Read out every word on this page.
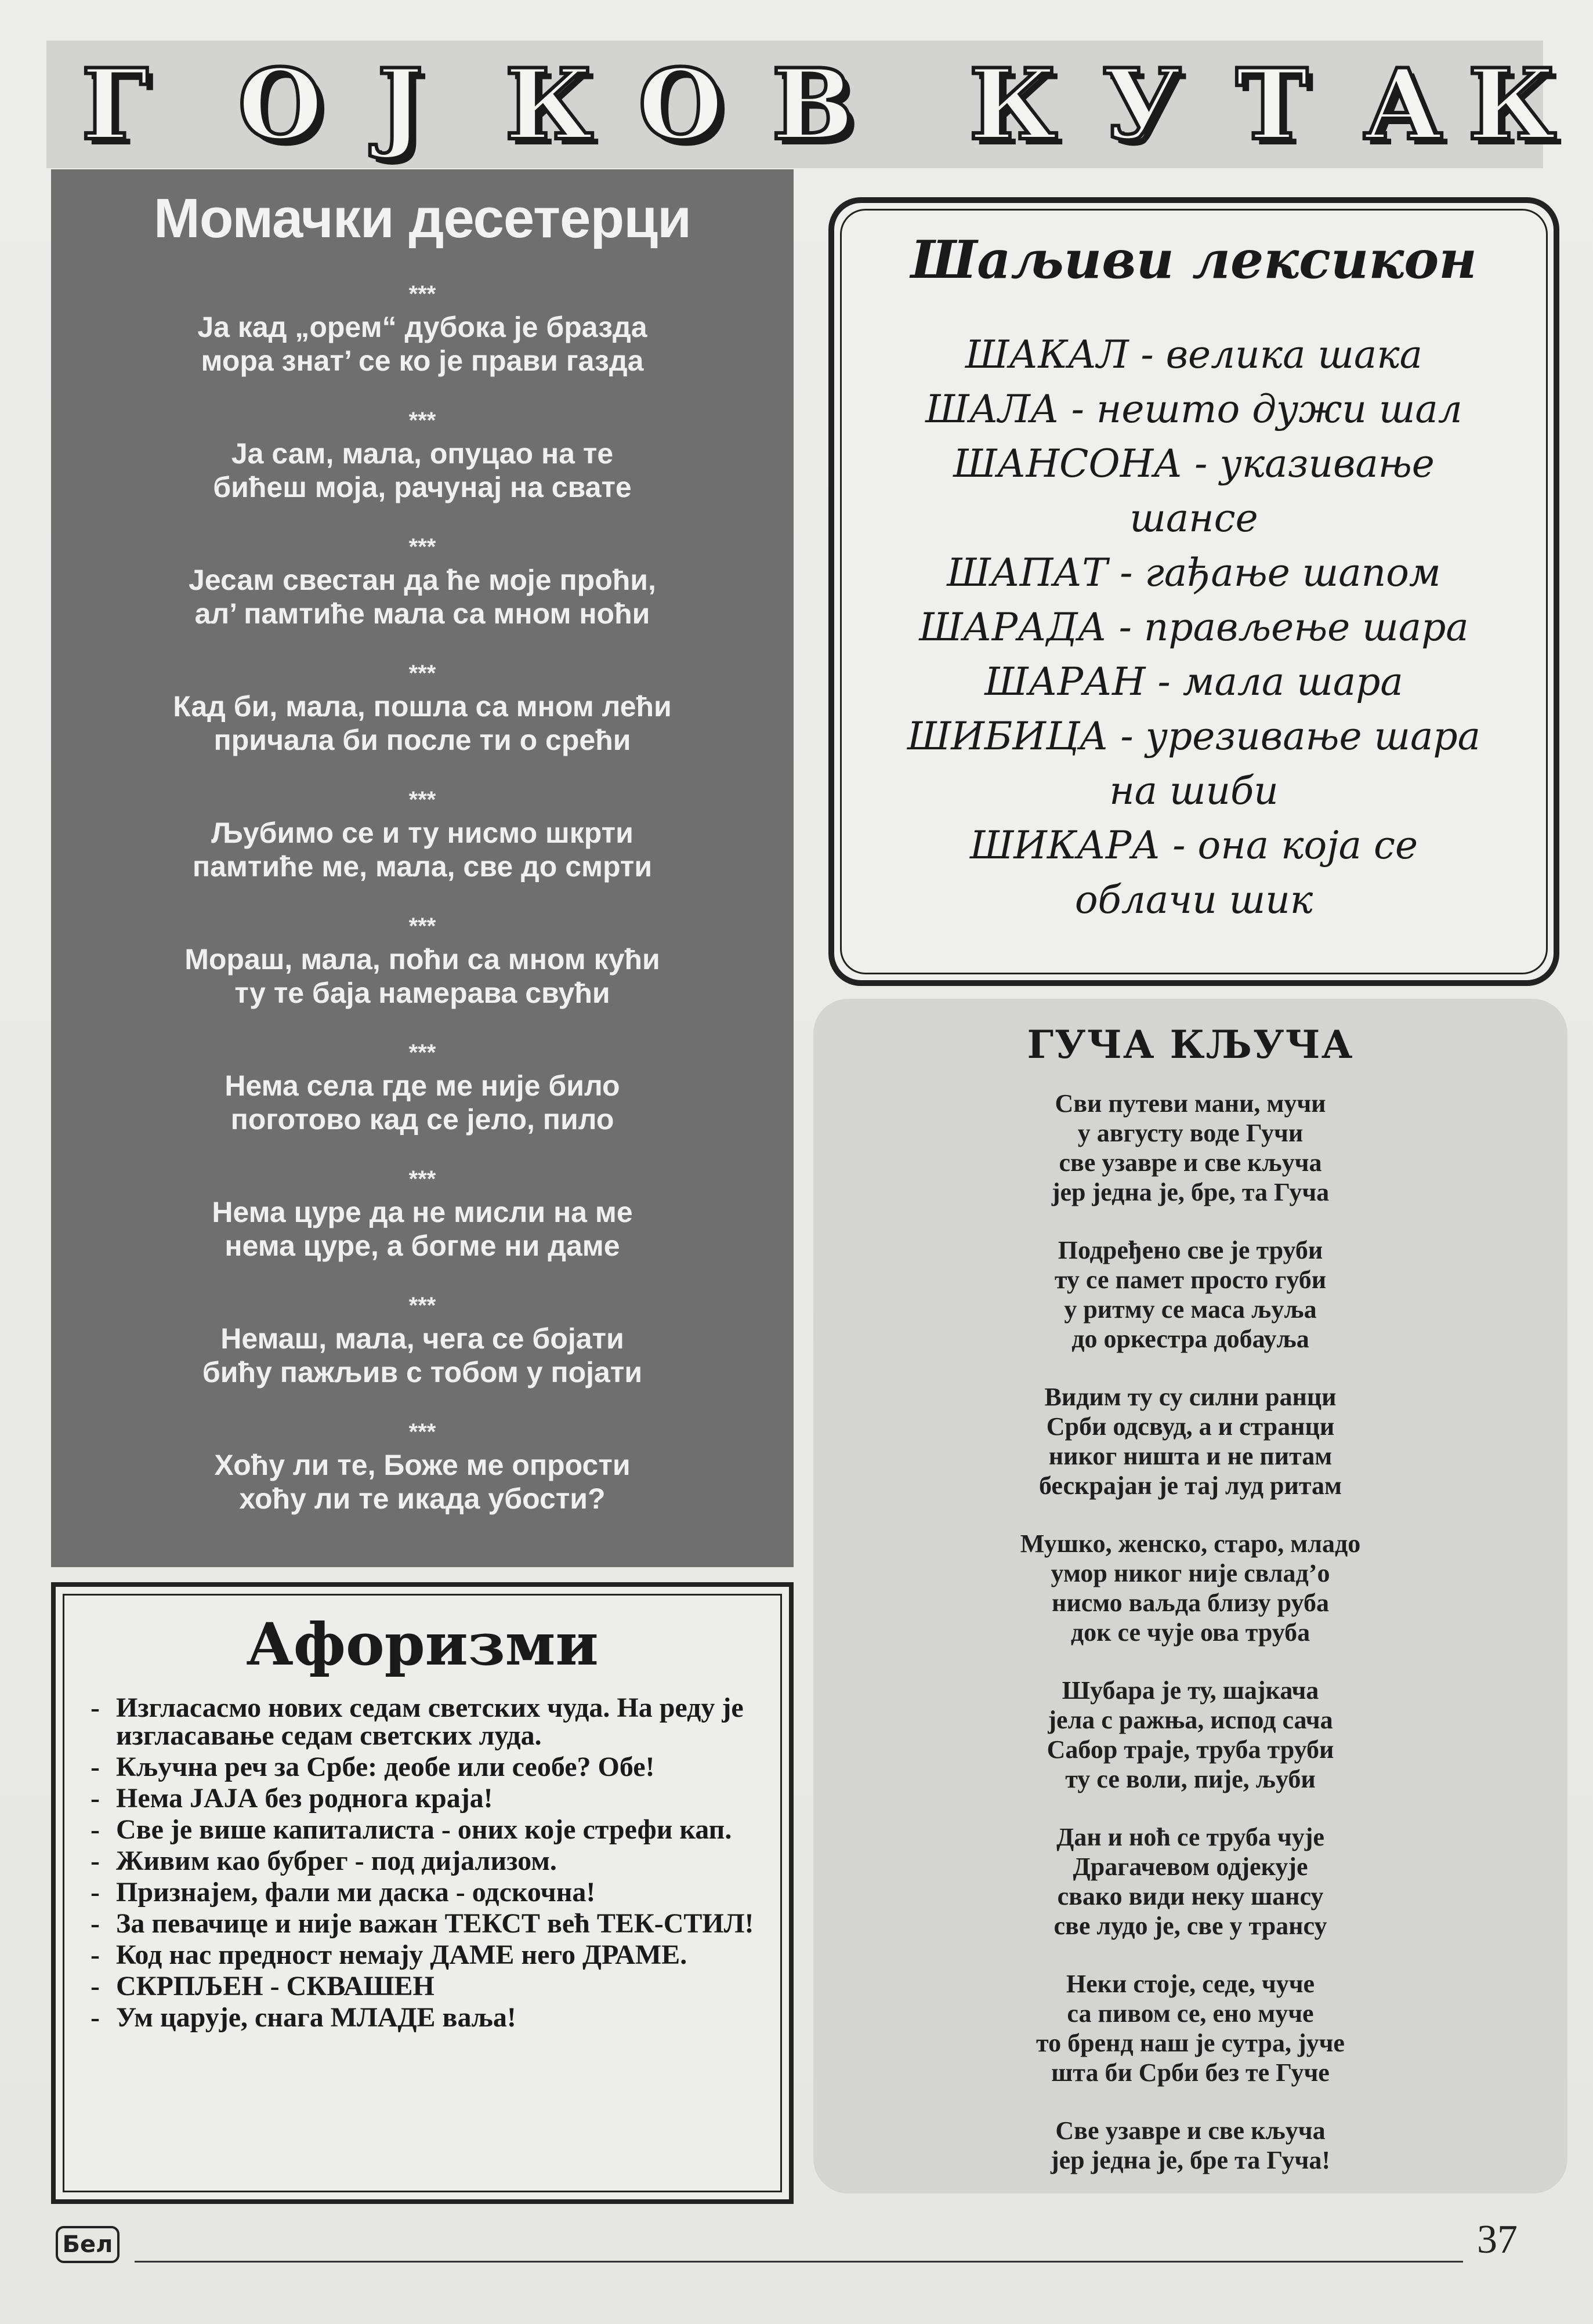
Г О Ј К О В К У Т А К
Момачки десетерци
***
Ја кад „орем“ дубока је бразда
мора знат’ се ко је прави газда
***
Ја сам, мала, опуцао на те
бићеш моја, рачунај на свате
***
Јесам свестан да ће моје проћи,
ал’ памтиће мала са мном ноћи
***
Кад би, мала, пошла са мном лећи
причала би после ти о срећи
***
Љубимо се и ту нисмо шкрти
памтиће ме, мала, све до смрти
***
Мораш, мала, поћи са мном кући
ту те баја намерава свући
***
Нема села где ме није било
поготово кад се јело, пило
***
Нема цуре да не мисли на ме
нема цуре, а богме ни даме
***
Немаш, мала, чега се бојати
бићу пажљив с тобом у појати
***
Хоћу ли те, Боже ме опрости
хоћу ли те икада убости?
Шаљиви лексикон
ШАКАЛ - велика шака
ШАЛА - нешто дужи шал
ШАНСОНА - указивање
шансе
ШАПАТ - гађање шапом
ШАРАДА - прављење шара
ШАРАН - мала шара
ШИБИЦА - урезивање шара
на шиби
ШИКАРА - она која се
облачи шик
ГУЧА КЉУЧА
Сви путеви мани, мучи
у августу воде Гучи
све узавре и све кључа
јер једна је, бре, та Гуча
Подређено све је труби
ту се памет просто губи
у ритму се маса љуља
до оркестра добауља
Видим ту су силни ранци
Срби одсвуд, а и странци
никог ништа и не питам
бескрајан је тај луд ритам
Мушко, женско, старо, младо
умор никог није свлад’о
нисмо ваљда близу руба
док се чује ова труба
Шубара је ту, шајкача
јела с ражња, испод сача
Сабор траје, труба труби
ту се воли, пије, љуби
Дан и ноћ се труба чује
Драгачевом одјекује
свако види неку шансу
све лудо је, све у трансу
Неки стоје, седе, чуче
са пивом се, ено муче
то бренд наш је сутра, јуче
шта би Срби без те Гуче
Све узавре и све кључа
јер једна је, бре та Гуча!
Афоризми
- Изгласасмо нових седам светских чуда. На реду је изгласавање седам светских луда.
- Кључна реч за Србе: деобе или сеобе? Обе!
- Нема ЈАЈА без роднога краја!
- Све је више капиталиста - оних које стрефи кап.
- Живим као бубрег - под дијализом.
- Признајем, фали ми даска - одскочна!
- За певачице и није важан ТЕКСТ већ ТЕК-СТИЛ!
- Код нас предност немају ДАМЕ него ДРАМЕ.
- СКРПЉЕН - СКВАШЕН
- Ум царује, снага МЛАДЕ ваља!
Бел	37
